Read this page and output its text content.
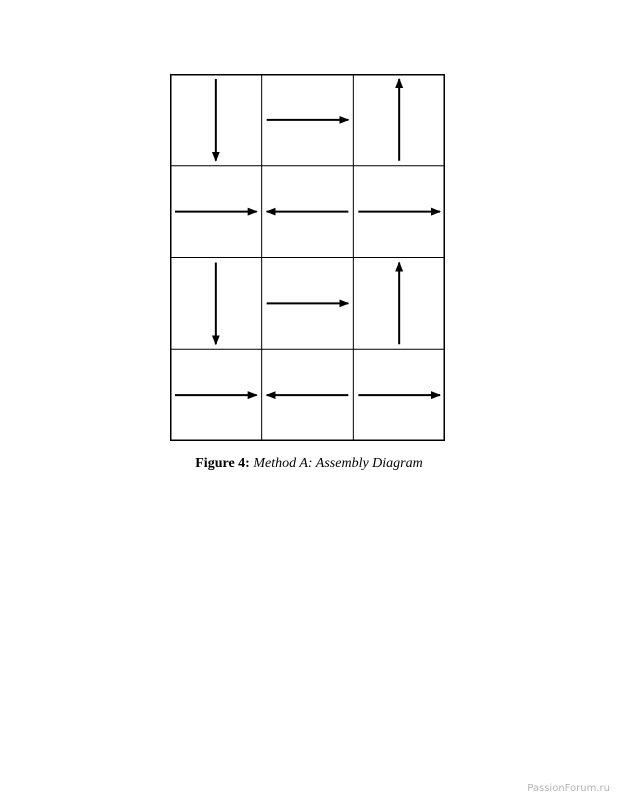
Figure 4: Method A: Assembly Diagram
PassionForum.ru
